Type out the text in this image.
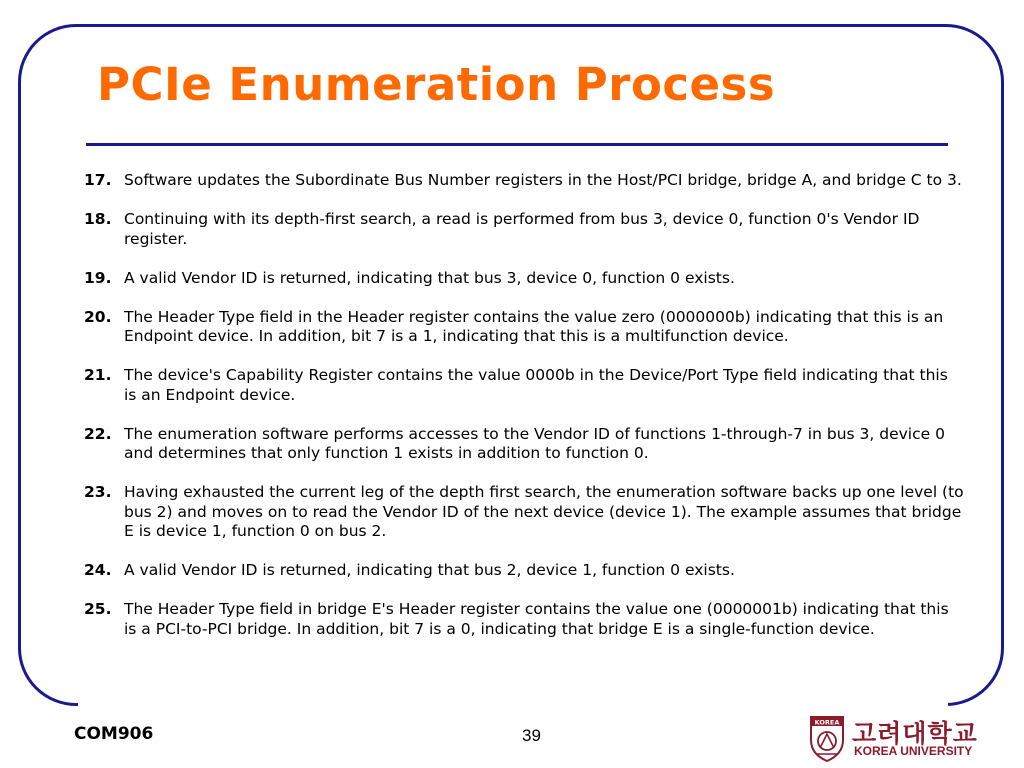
PCIe Enumeration Process
17. Software updates the Subordinate Bus Number registers in the Host/PCI bridge, bridge A, and bridge C to 3.
18. Continuing with its depth-first search, a read is performed from bus 3, device 0, function 0's Vendor ID register.
19. A valid Vendor ID is returned, indicating that bus 3, device 0, function 0 exists.
20. The Header Type field in the Header register contains the value zero (0000000b) indicating that this is an Endpoint device. In addition, bit 7 is a 1, indicating that this is a multifunction device.
21. The device's Capability Register contains the value 0000b in the Device/Port Type field indicating that this is an Endpoint device.
22. The enumeration software performs accesses to the Vendor ID of functions 1-through-7 in bus 3, device 0 and determines that only function 1 exists in addition to function 0.
23. Having exhausted the current leg of the depth first search, the enumeration software backs up one level (to bus 2) and moves on to read the Vendor ID of the next device (device 1). The example assumes that bridge E is device 1, function 0 on bus 2.
24. A valid Vendor ID is returned, indicating that bus 2, device 1, function 0 exists.
25. The Header Type field in bridge E's Header register contains the value one (0000001b) indicating that this is a PCI-to-PCI bridge. In addition, bit 7 is a 0, indicating that bridge E is a single-function device.
COM906	39
KOREA 고려대학교
KOREA UNIVERSITY
